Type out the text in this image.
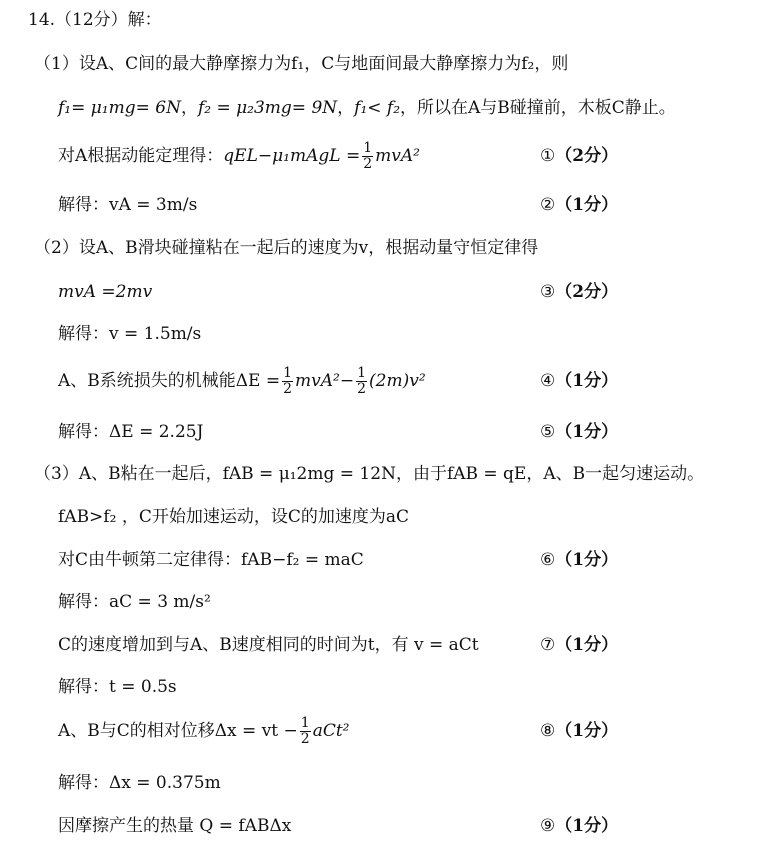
14.（12分）解：
（1）设A、C间的最大静摩擦力为f₁，C与地面间最大静摩擦力为f₂，则
f₁= μ₁mg= 6N，f₂ = μ₂3mg= 9N，f₁< f₂，所以在A与B碰撞前，木板C静止。
对A根据动能定理得：qEL−μ₁mAgL = $\frac{1}{2} mvA^2$	①（2分）
解得：vA = 3m/s	②（1分）
（2）设A、B滑块碰撞粘在一起后的速度为v，根据动量守恒定律得
mvA =2mv	③（2分）
解得：v = 1.5m/s
A、B系统损失的机械能$\Delta E = \frac{1}{2} mvA^2- \frac{1}{2} (2m)v^2$	④（1分）
解得：ΔE = 2.25J	⑤（1分）
（3）A、B粘在一起后，fAB = μ₁2mg = 12N，由于fAB = qE，A、B一起匀速运动。
fAB>f₂ ，C开始加速运动，设C的加速度为aC
对C由牛顿第二定律得：fAB−f₂ = maC	⑥（1分）
解得：aC = 3 m/s²
C的速度增加到与A、B速度相同的时间为t，有 v = aCt	⑦（1分）
解得：t = 0.5s
A、B与C的相对位移Δx = vt − $\frac{1}{2} aCt^2$	⑧（1分）
解得：Δx = 0.375m
因摩擦产生的热量 Q = fABΔx	⑨（1分）
